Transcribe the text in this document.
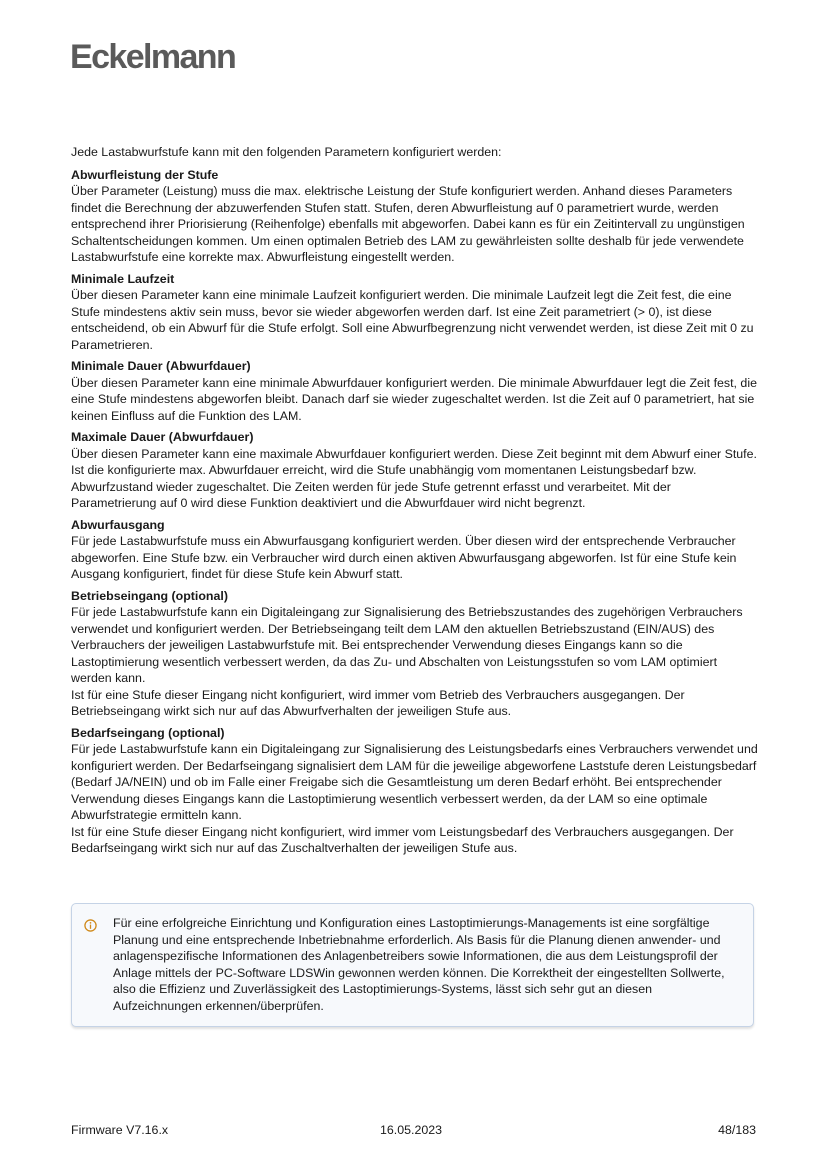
Eckelmann

Jede Lastabwurfstufe kann mit den folgenden Parametern konfiguriert werden:

Abwurfleistung der Stufe

Über Parameter (Leistung) muss die max. elektrische Leistung der Stufe konfiguriert werden. Anhand dieses Parameters findet die Berechnung der abzuwerfenden Stufen statt. Stufen, deren Abwurfleistung auf 0 parametriert wurde, werden entsprechend ihrer Priorisierung (Reihenfolge) ebenfalls mit abgeworfen. Dabei kann es für ein Zeitintervall zu ungünstigen Schaltentscheidungen kommen. Um einen optimalen Betrieb des LAM zu gewährleisten sollte deshalb für jede verwendete Lastabwurfstufe eine korrekte max. Abwurfleistung eingestellt werden.

Minimale Laufzeit

Über diesen Parameter kann eine minimale Laufzeit konfiguriert werden. Die minimale Laufzeit legt die Zeit fest, die eine Stufe mindestens aktiv sein muss, bevor sie wieder abgeworfen werden darf. Ist eine Zeit parametriert (> 0), ist diese entscheidend, ob ein Abwurf für die Stufe erfolgt. Soll eine Abwurfbegrenzung nicht verwendet werden, ist diese Zeit mit 0 zu Parametrieren.

Minimale Dauer (Abwurfdauer)

Über diesen Parameter kann eine minimale Abwurfdauer konfiguriert werden. Die minimale Abwurfdauer legt die Zeit fest, die eine Stufe mindestens abgeworfen bleibt. Danach darf sie wieder zugeschaltet werden. Ist die Zeit auf 0 parametriert, hat sie keinen Einfluss auf die Funktion des LAM.

Maximale Dauer (Abwurfdauer)

Über diesen Parameter kann eine maximale Abwurfdauer konfiguriert werden. Diese Zeit beginnt mit dem Abwurf einer Stufe. Ist die konfigurierte max. Abwurfdauer erreicht, wird die Stufe unabhängig vom momentanen Leistungsbedarf bzw. Abwurfzustand wieder zugeschaltet. Die Zeiten werden für jede Stufe getrennt erfasst und verarbeitet. Mit der Parametrierung auf 0 wird diese Funktion deaktiviert und die Abwurfdauer wird nicht begrenzt.

Abwurfausgang

Für jede Lastabwurfstufe muss ein Abwurfausgang konfiguriert werden. Über diesen wird der entsprechende Verbraucher abgeworfen. Eine Stufe bzw. ein Verbraucher wird durch einen aktiven Abwurfausgang abgeworfen. Ist für eine Stufe kein Ausgang konfiguriert, findet für diese Stufe kein Abwurf statt.

Betriebseingang (optional)

Für jede Lastabwurfstufe kann ein Digitaleingang zur Signalisierung des Betriebszustandes des zugehörigen Verbrauchers verwendet und konfiguriert werden. Der Betriebseingang teilt dem LAM den aktuellen Betriebszustand (EIN/AUS) des Verbrauchers der jeweiligen Lastabwurfstufe mit. Bei entsprechender Verwendung dieses Eingangs kann so die Lastoptimierung wesentlich verbessert werden, da das Zu- und Abschalten von Leistungsstufen so vom LAM optimiert werden kann.

Ist für eine Stufe dieser Eingang nicht konfiguriert, wird immer vom Betrieb des Verbrauchers ausgegangen. Der Betriebseingang wirkt sich nur auf das Abwurfverhalten der jeweiligen Stufe aus.

Bedarfseingang (optional)

Für jede Lastabwurfstufe kann ein Digitaleingang zur Signalisierung des Leistungsbedarfs eines Verbrauchers verwendet und konfiguriert werden. Der Bedarfseingang signalisiert dem LAM für die jeweilige abgeworfene Laststufe deren Leistungsbedarf (Bedarf JA/NEIN) und ob im Falle einer Freigabe sich die Gesamtleistung um deren Bedarf erhöht. Bei entsprechender Verwendung dieses Eingangs kann die Lastoptimierung wesentlich verbessert werden, da der LAM so eine optimale Abwurfstrategie ermitteln kann.

Ist für eine Stufe dieser Eingang nicht konfiguriert, wird immer vom Leistungsbedarf des Verbrauchers ausgegangen. Der Bedarfseingang wirkt sich nur auf das Zuschaltverhalten der jeweiligen Stufe aus.

Für eine erfolgreiche Einrichtung und Konfiguration eines Lastoptimierungs-Managements ist eine sorgfältige Planung und eine entsprechende Inbetriebnahme erforderlich. Als Basis für die Planung dienen anwender- und anlagenspezifische Informationen des Anlagenbetreibers sowie Informationen, die aus dem Leistungsprofil der Anlage mittels der PC-Software LDSWin gewonnen werden können. Die Korrektheit der eingestellten Sollwerte, also die Effizienz und Zuverlässigkeit des Lastoptimierungs-Systems, lässt sich sehr gut an diesen Aufzeichnungen erkennen/überprüfen.
Firmware V7.16.x	16.05.2023	48/183
